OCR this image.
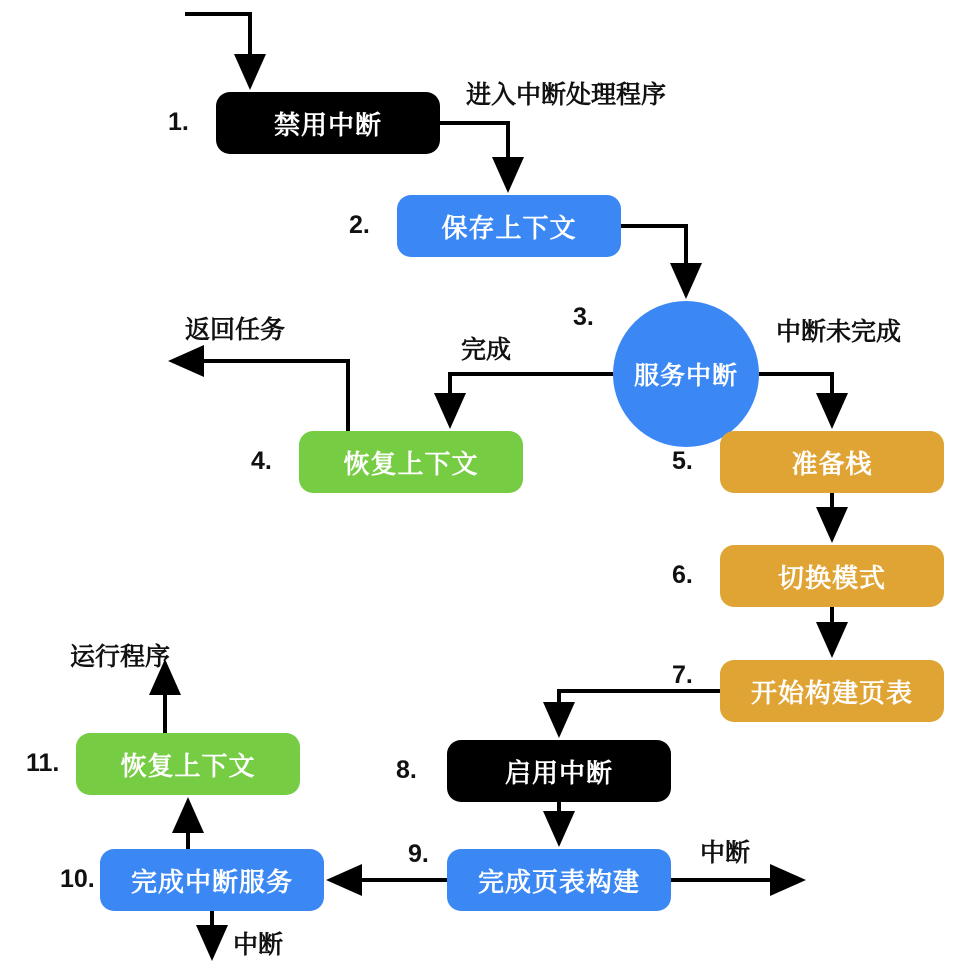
禁用中断
保存上下文
服务中断
恢复上下文	准备栈
切换模式
开始构建页表
启用中断
完成页表构建
完成中断服务
恢复上下文
1.
2.
3.
4.	5.
6.
7.
8.
9.
10.
11.
进入中断处理程序
返回任务
完成
中断未完成
运行程序
中断
中断
